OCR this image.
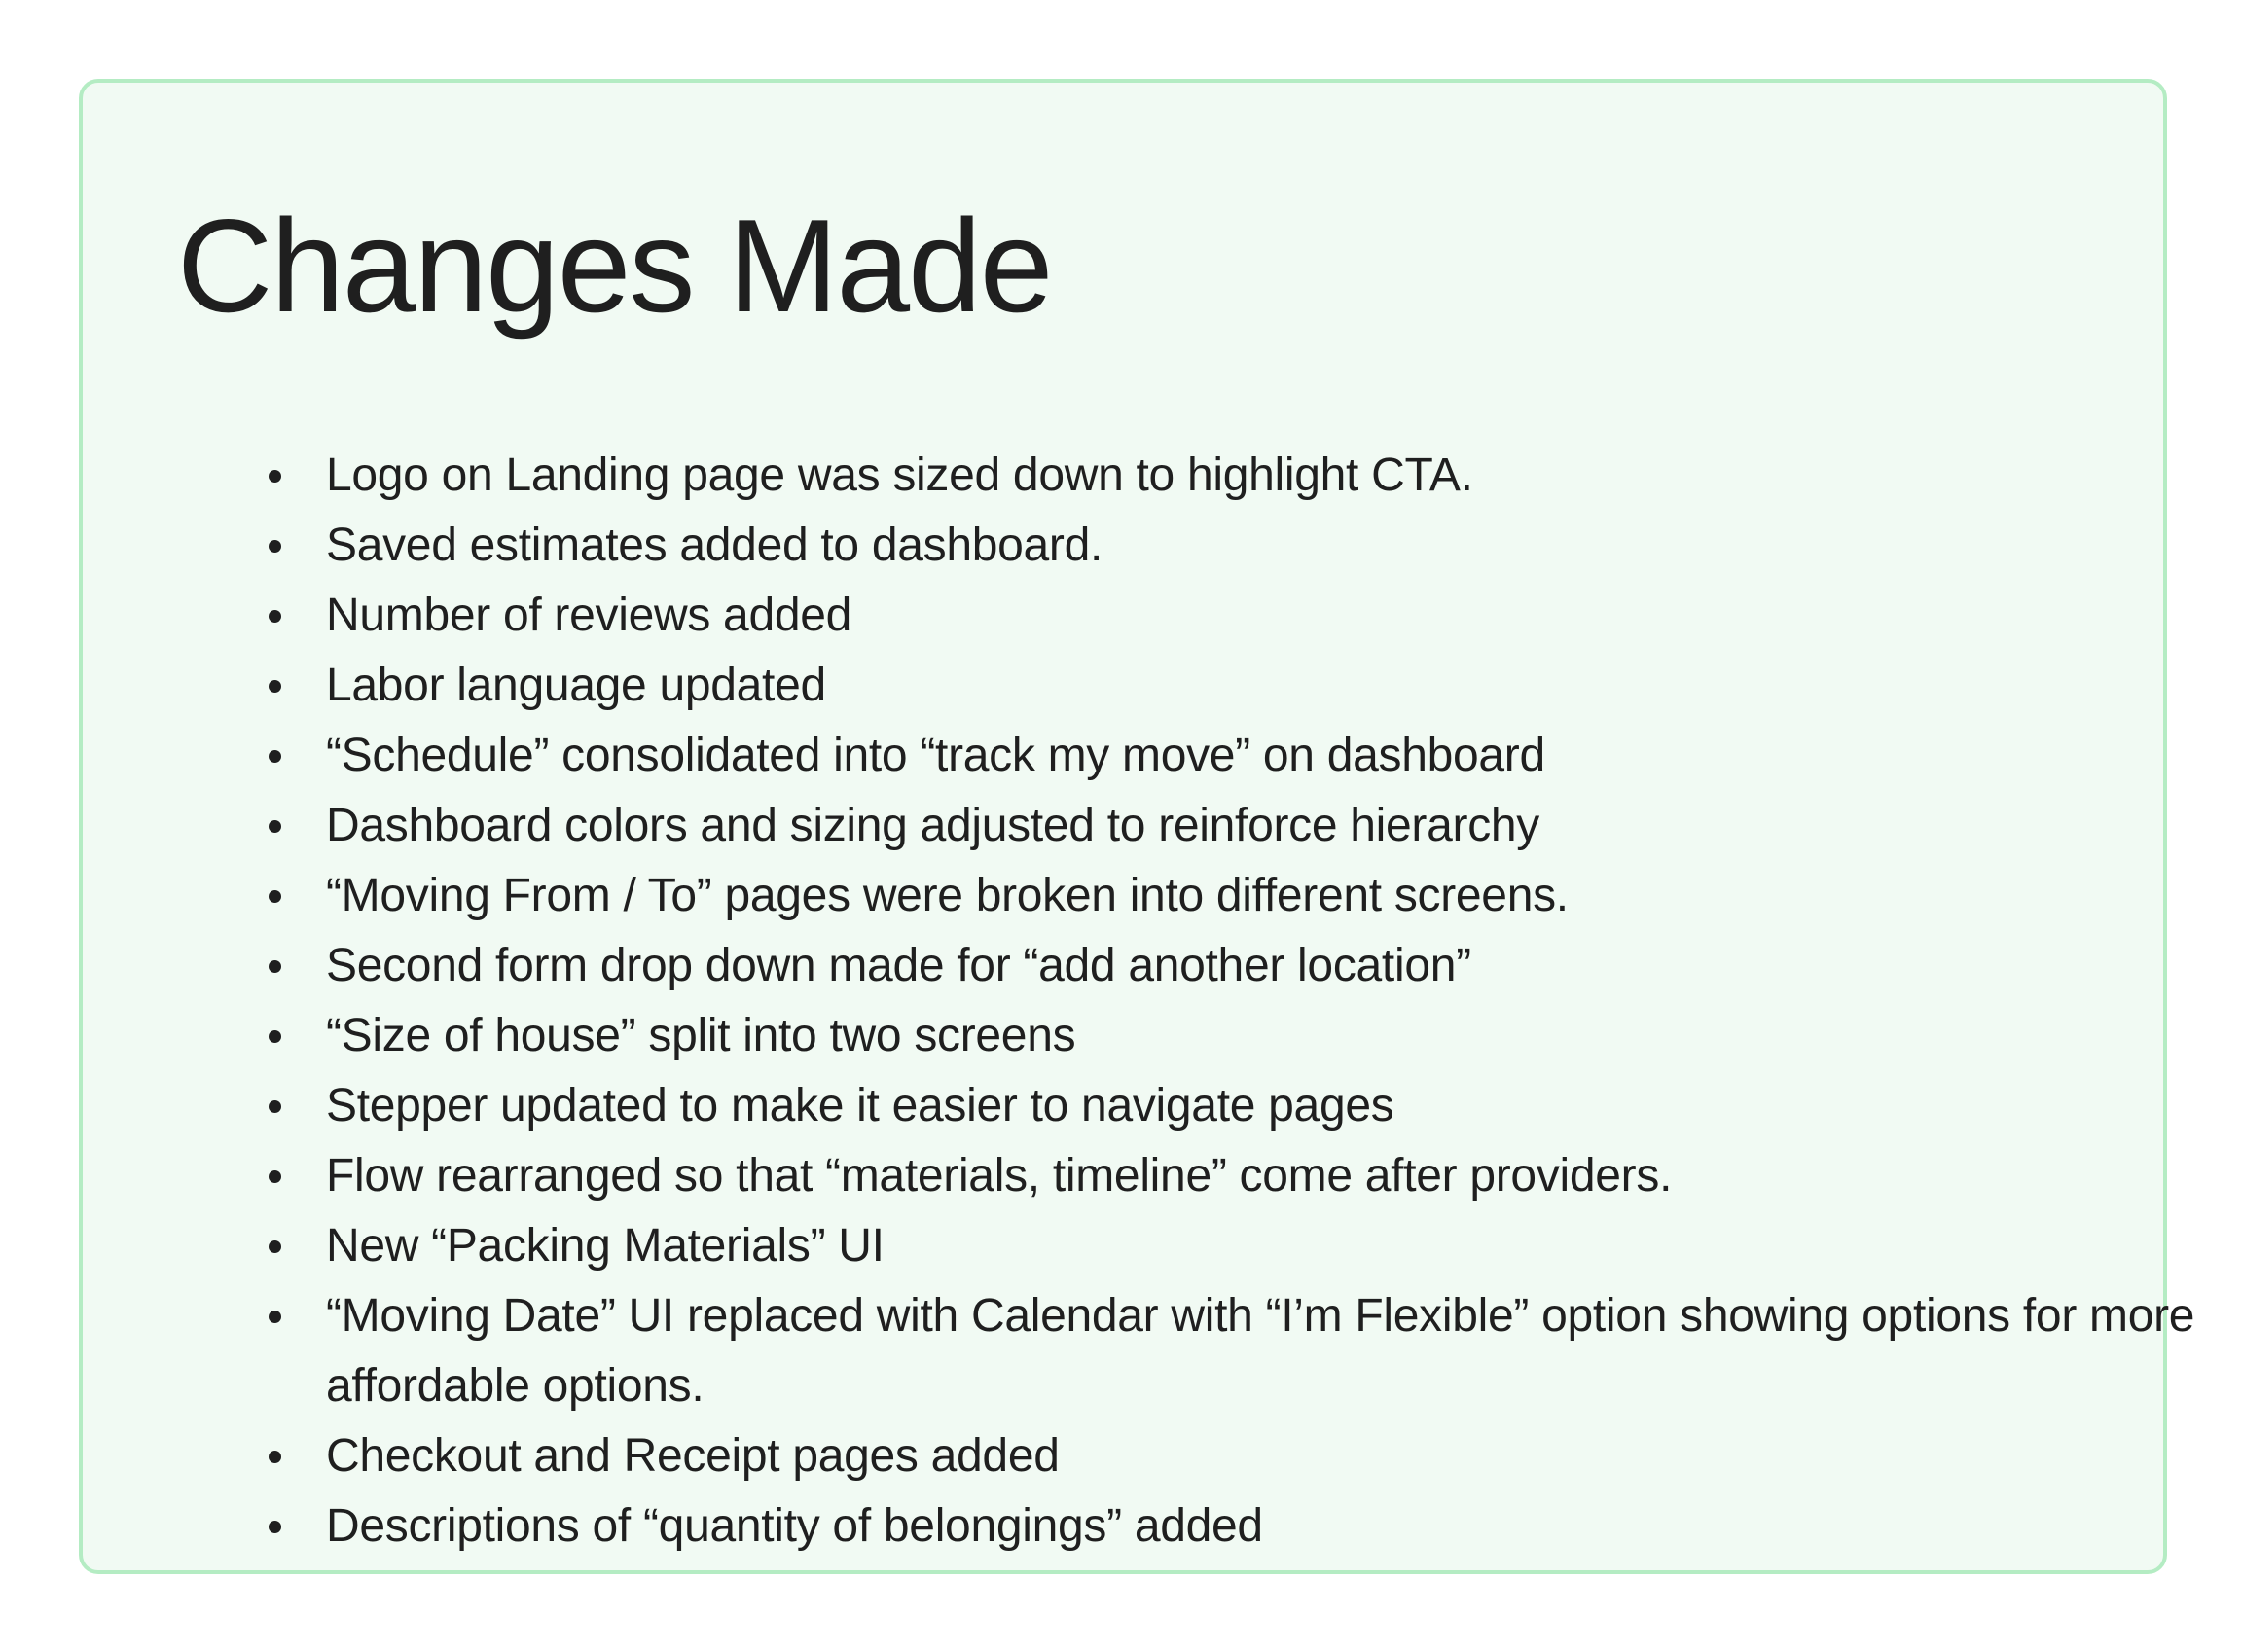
Changes Made
Logo on Landing page was sized down to highlight CTA.
Saved estimates added to dashboard.
Number of reviews added
Labor language updated
“Schedule” consolidated into “track my move” on dashboard
Dashboard colors and sizing adjusted to reinforce hierarchy
“Moving From / To” pages were broken into different screens.
Second form drop down made for “add another location”
“Size of house” split into two screens
Stepper updated to make it easier to navigate pages
Flow rearranged so that “materials, timeline” come after providers.
New “Packing Materials” UI
“Moving Date” UI replaced with Calendar with “I’m Flexible” option showing options for more affordable options.
Checkout and Receipt pages added
Descriptions of “quantity of belongings” added
